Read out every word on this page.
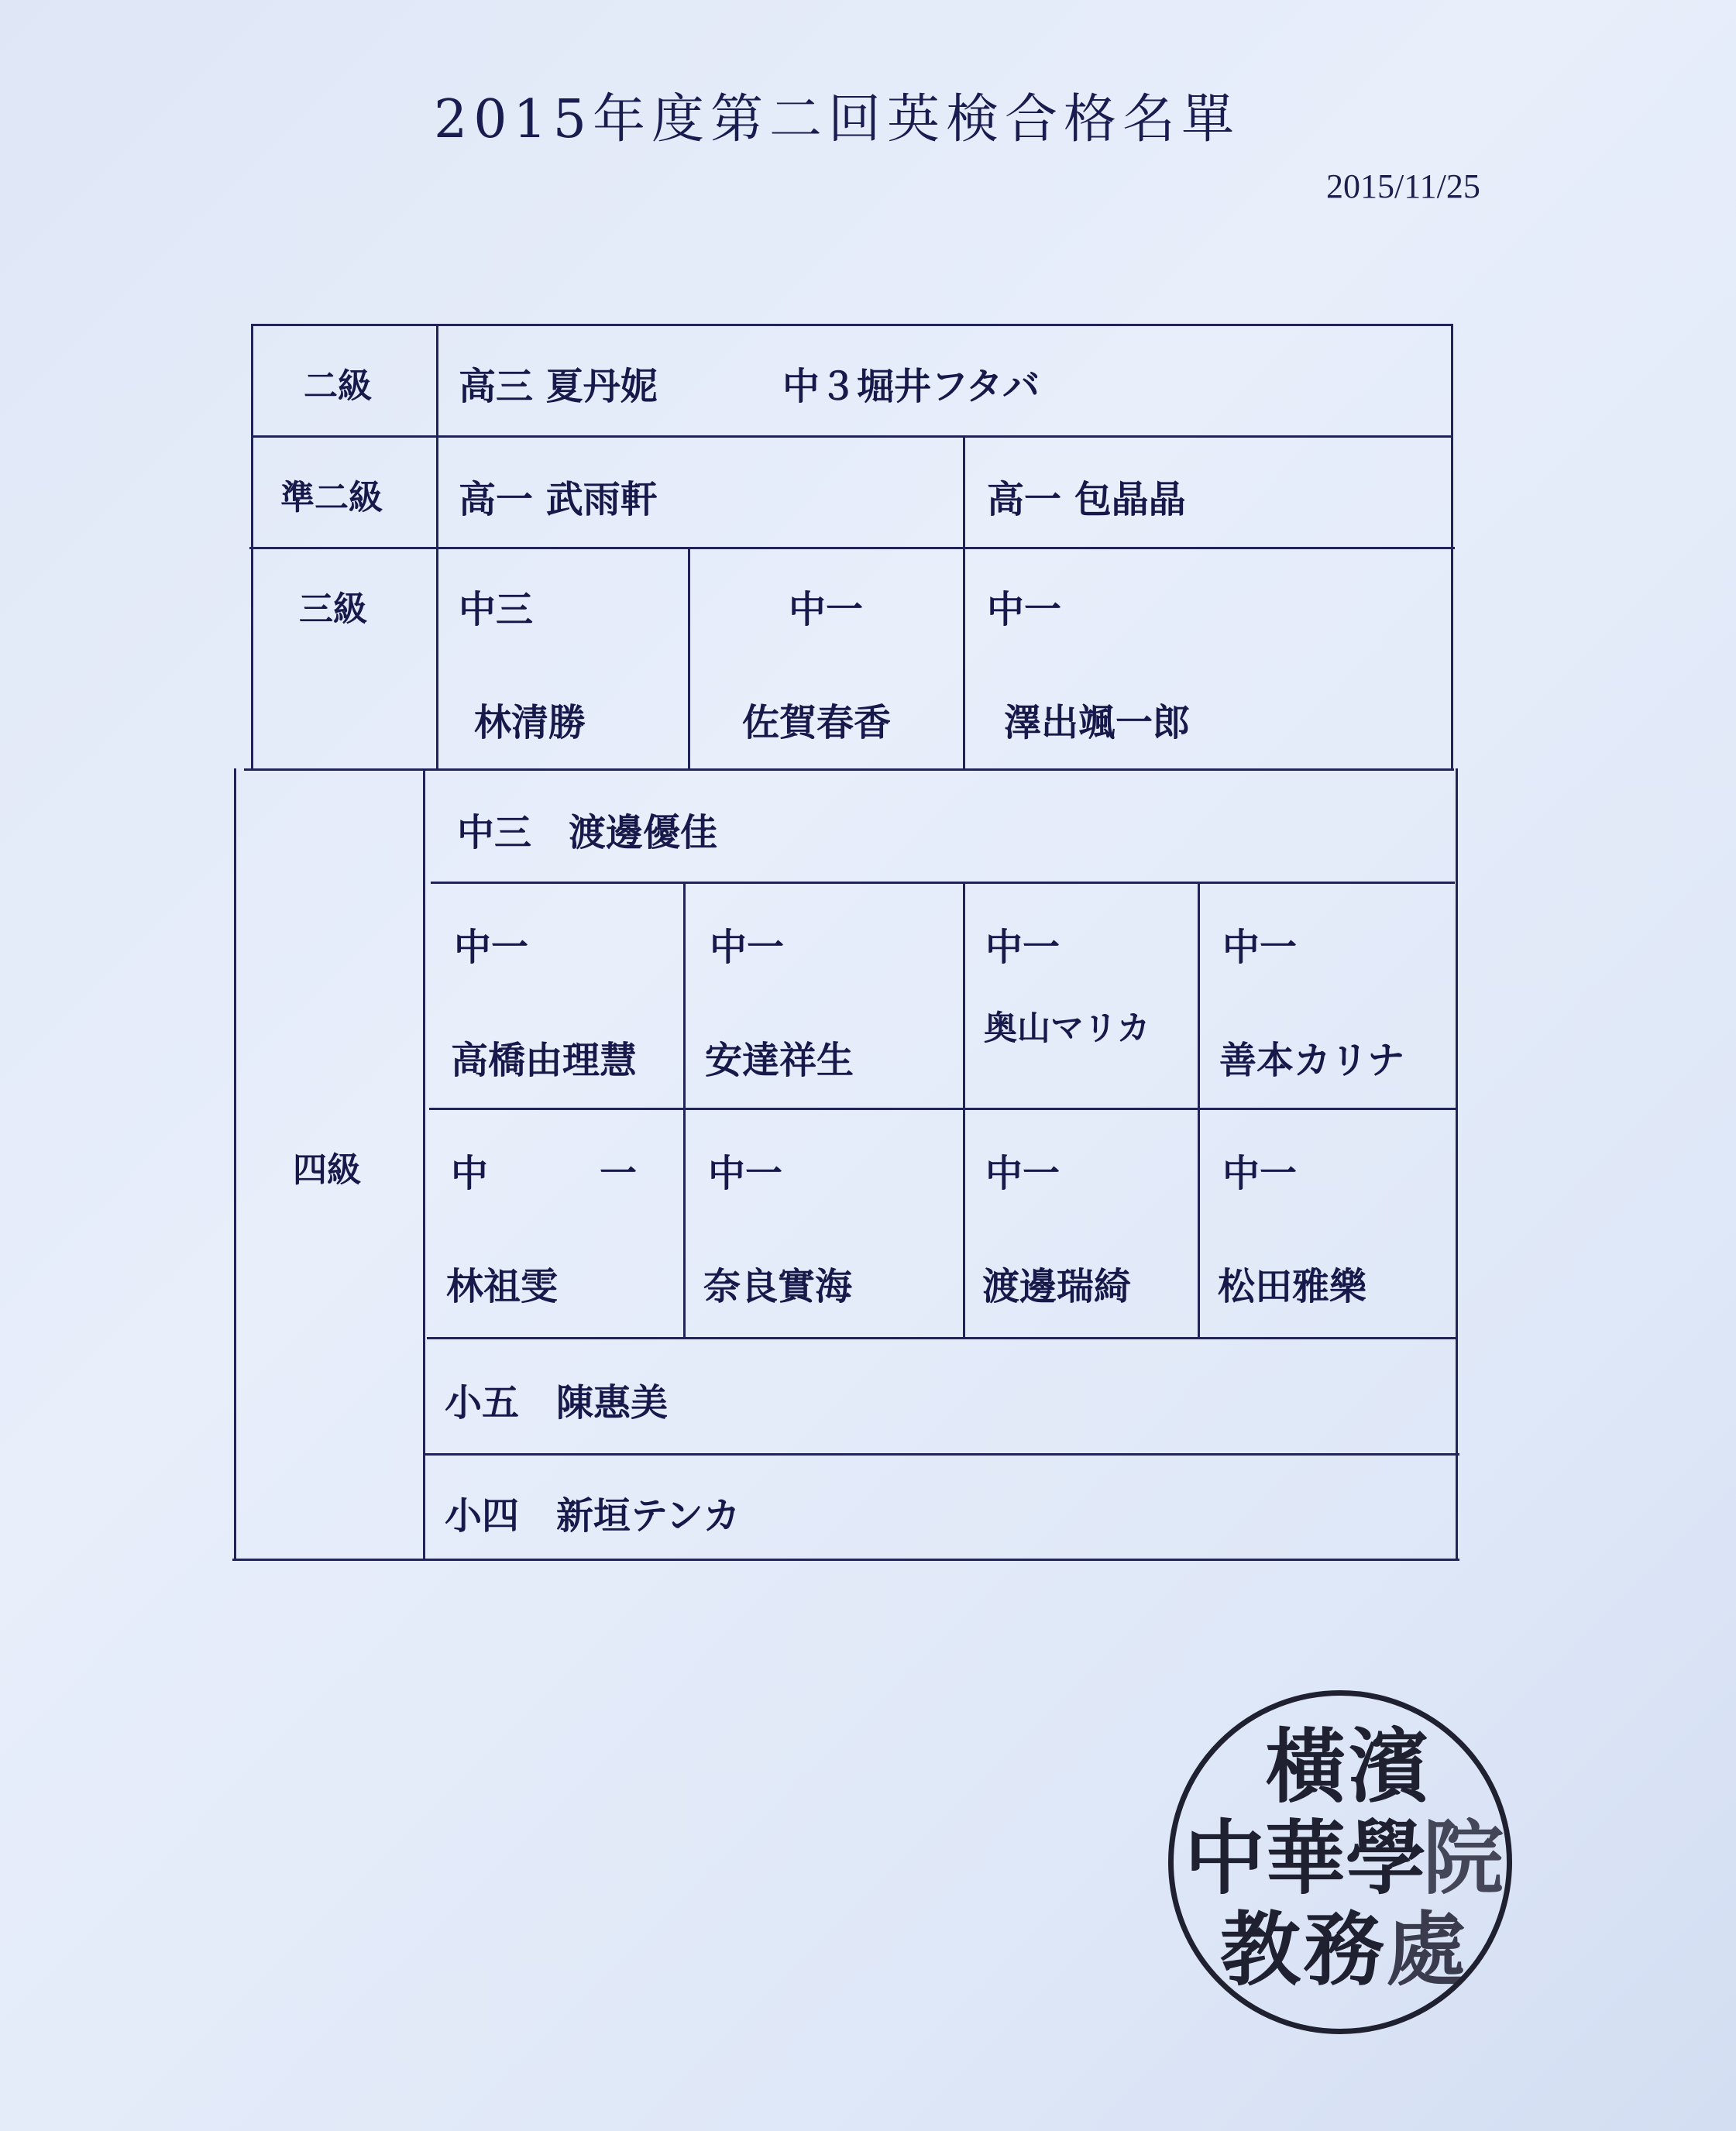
2015年度第二回英検合格名單
2015/11/25
二級
準二級
三級
四級
高三 夏丹妮	中３堀井フタバ
高一 武雨軒	高一 包晶晶
中三
林清勝
中一
佐賀春香
中一
澤出颯一郎
中三　渡邊優佳
中一
高橋由理慧
中一
安達祥生
中一
奥山マリカ
中一
善本カリナ
中　　　一
林祖雯
中一
奈良實海
中一
渡邊瑞綺
中一
松田雅樂
小五　陳惠美
小四　新垣テンカ
橫 濱
中 華 學
院
教 務 處
